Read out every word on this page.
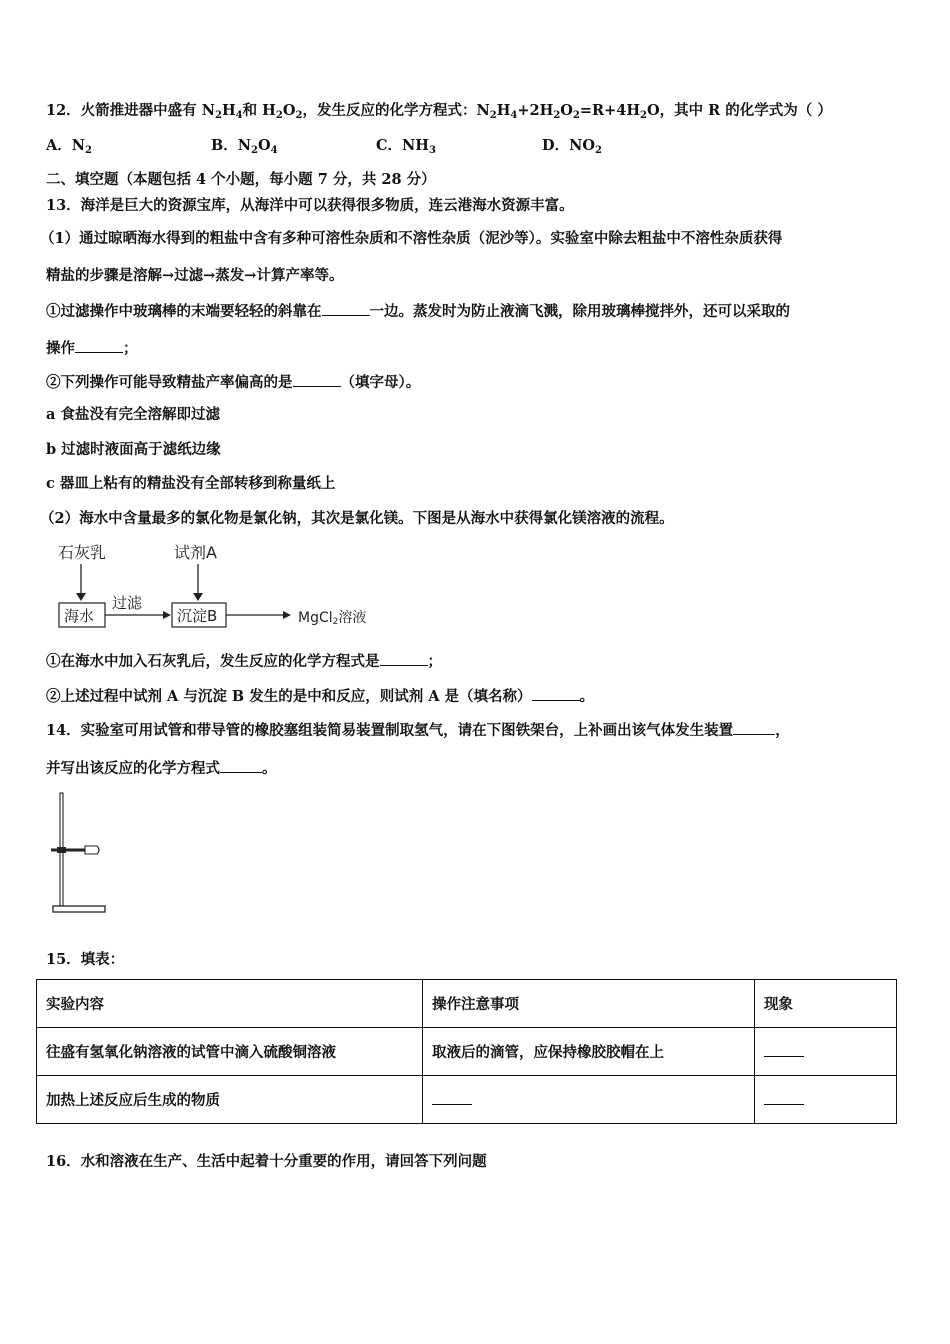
12．火箭推进器中盛有 $N_2H_4$和 $H_2O_2$，发生反应的化学方程式：$N_2H_4+2H_2O_2=R+4H_2O$，其中 R 的化学式为（ ）
A．$N_2$	B．$N_2O_4$	C．$NH_3$	D．$NO_2$
二、填空题（本题包括 4 个小题，每小题 7 分，共 28 分）
13．海洋是巨大的资源宝库，从海洋中可以获得很多物质，连云港海水资源丰富。
（1）通过晾晒海水得到的粗盐中含有多种可溶性杂质和不溶性杂质（泥沙等）。实验室中除去粗盐中不溶性杂质获得
精盐的步骤是溶解→过滤→蒸发→计算产率等。
①过滤操作中玻璃棒的末端要轻轻的斜靠在	一边。蒸发时为防止液滴飞溅，除用玻璃棒搅拌外，还可以采取的
操作	；
②下列操作可能导致精盐产率偏高的是	（填字母）。
a 食盐没有完全溶解即过滤
b 过滤时液面高于滤纸边缘
c 器皿上粘有的精盐没有全部转移到称量纸上
（2）海水中含量最多的氯化物是氯化钠，其次是氯化镁。下图是从海水中获得氯化镁溶液的流程。
石灰乳	试剂A
海水
过滤
沉淀B	MgCl2溶液
①在海水中加入石灰乳后，发生反应的化学方程式是	；
②上述过程中试剂 A 与沉淀 B 发生的是中和反应，则试剂 A 是（填名称）	。
14．实验室可用试管和带导管的橡胶塞组装简易装置制取氢气，请在下图铁架台，上补画出该气体发生装置	，
并写出该反应的化学方程式	。
15．填表：
实验内容	操作注意事项	现象
往盛有氢氧化钠溶液的试管中滴入硫酸铜溶液	取液后的滴管，应保持橡胶胶帽在上	
加热上述反应后生成的物质		
16．水和溶液在生产、生活中起着十分重要的作用，请回答下列问题
